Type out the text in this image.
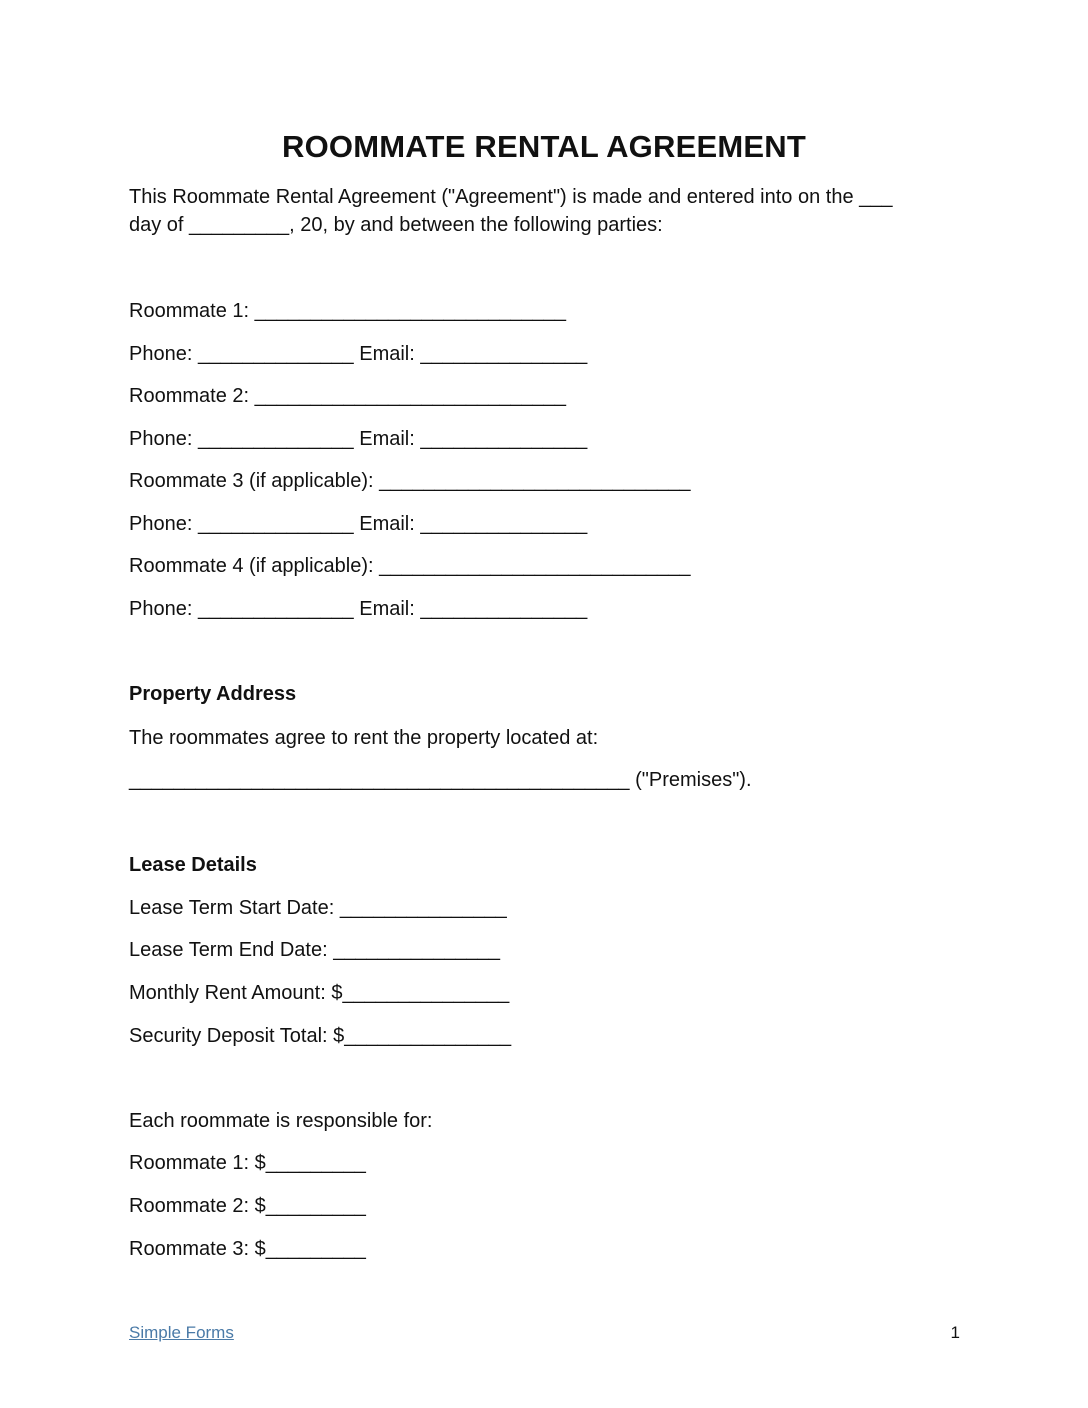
ROOMMATE RENTAL AGREEMENT

This Roommate Rental Agreement ("Agreement") is made and entered into on the ___

day of _________, 20, by and between the following parties:

Roommate 1: ____________________________

Phone: ______________ Email: _______________

Roommate 2: ____________________________

Phone: ______________ Email: _______________

Roommate 3 (if applicable): ____________________________

Phone: ______________ Email: _______________

Roommate 4 (if applicable): ____________________________

Phone: ______________ Email: _______________

Property Address

The roommates agree to rent the property located at:

_____________________________________________ ("Premises").

Lease Details

Lease Term Start Date: _______________

Lease Term End Date: _______________

Monthly Rent Amount: $_______________

Security Deposit Total: $_______________

Each roommate is responsible for:

Roommate 1: $_________

Roommate 2: $_________

Roommate 3: $_________

Simple Forms	1
